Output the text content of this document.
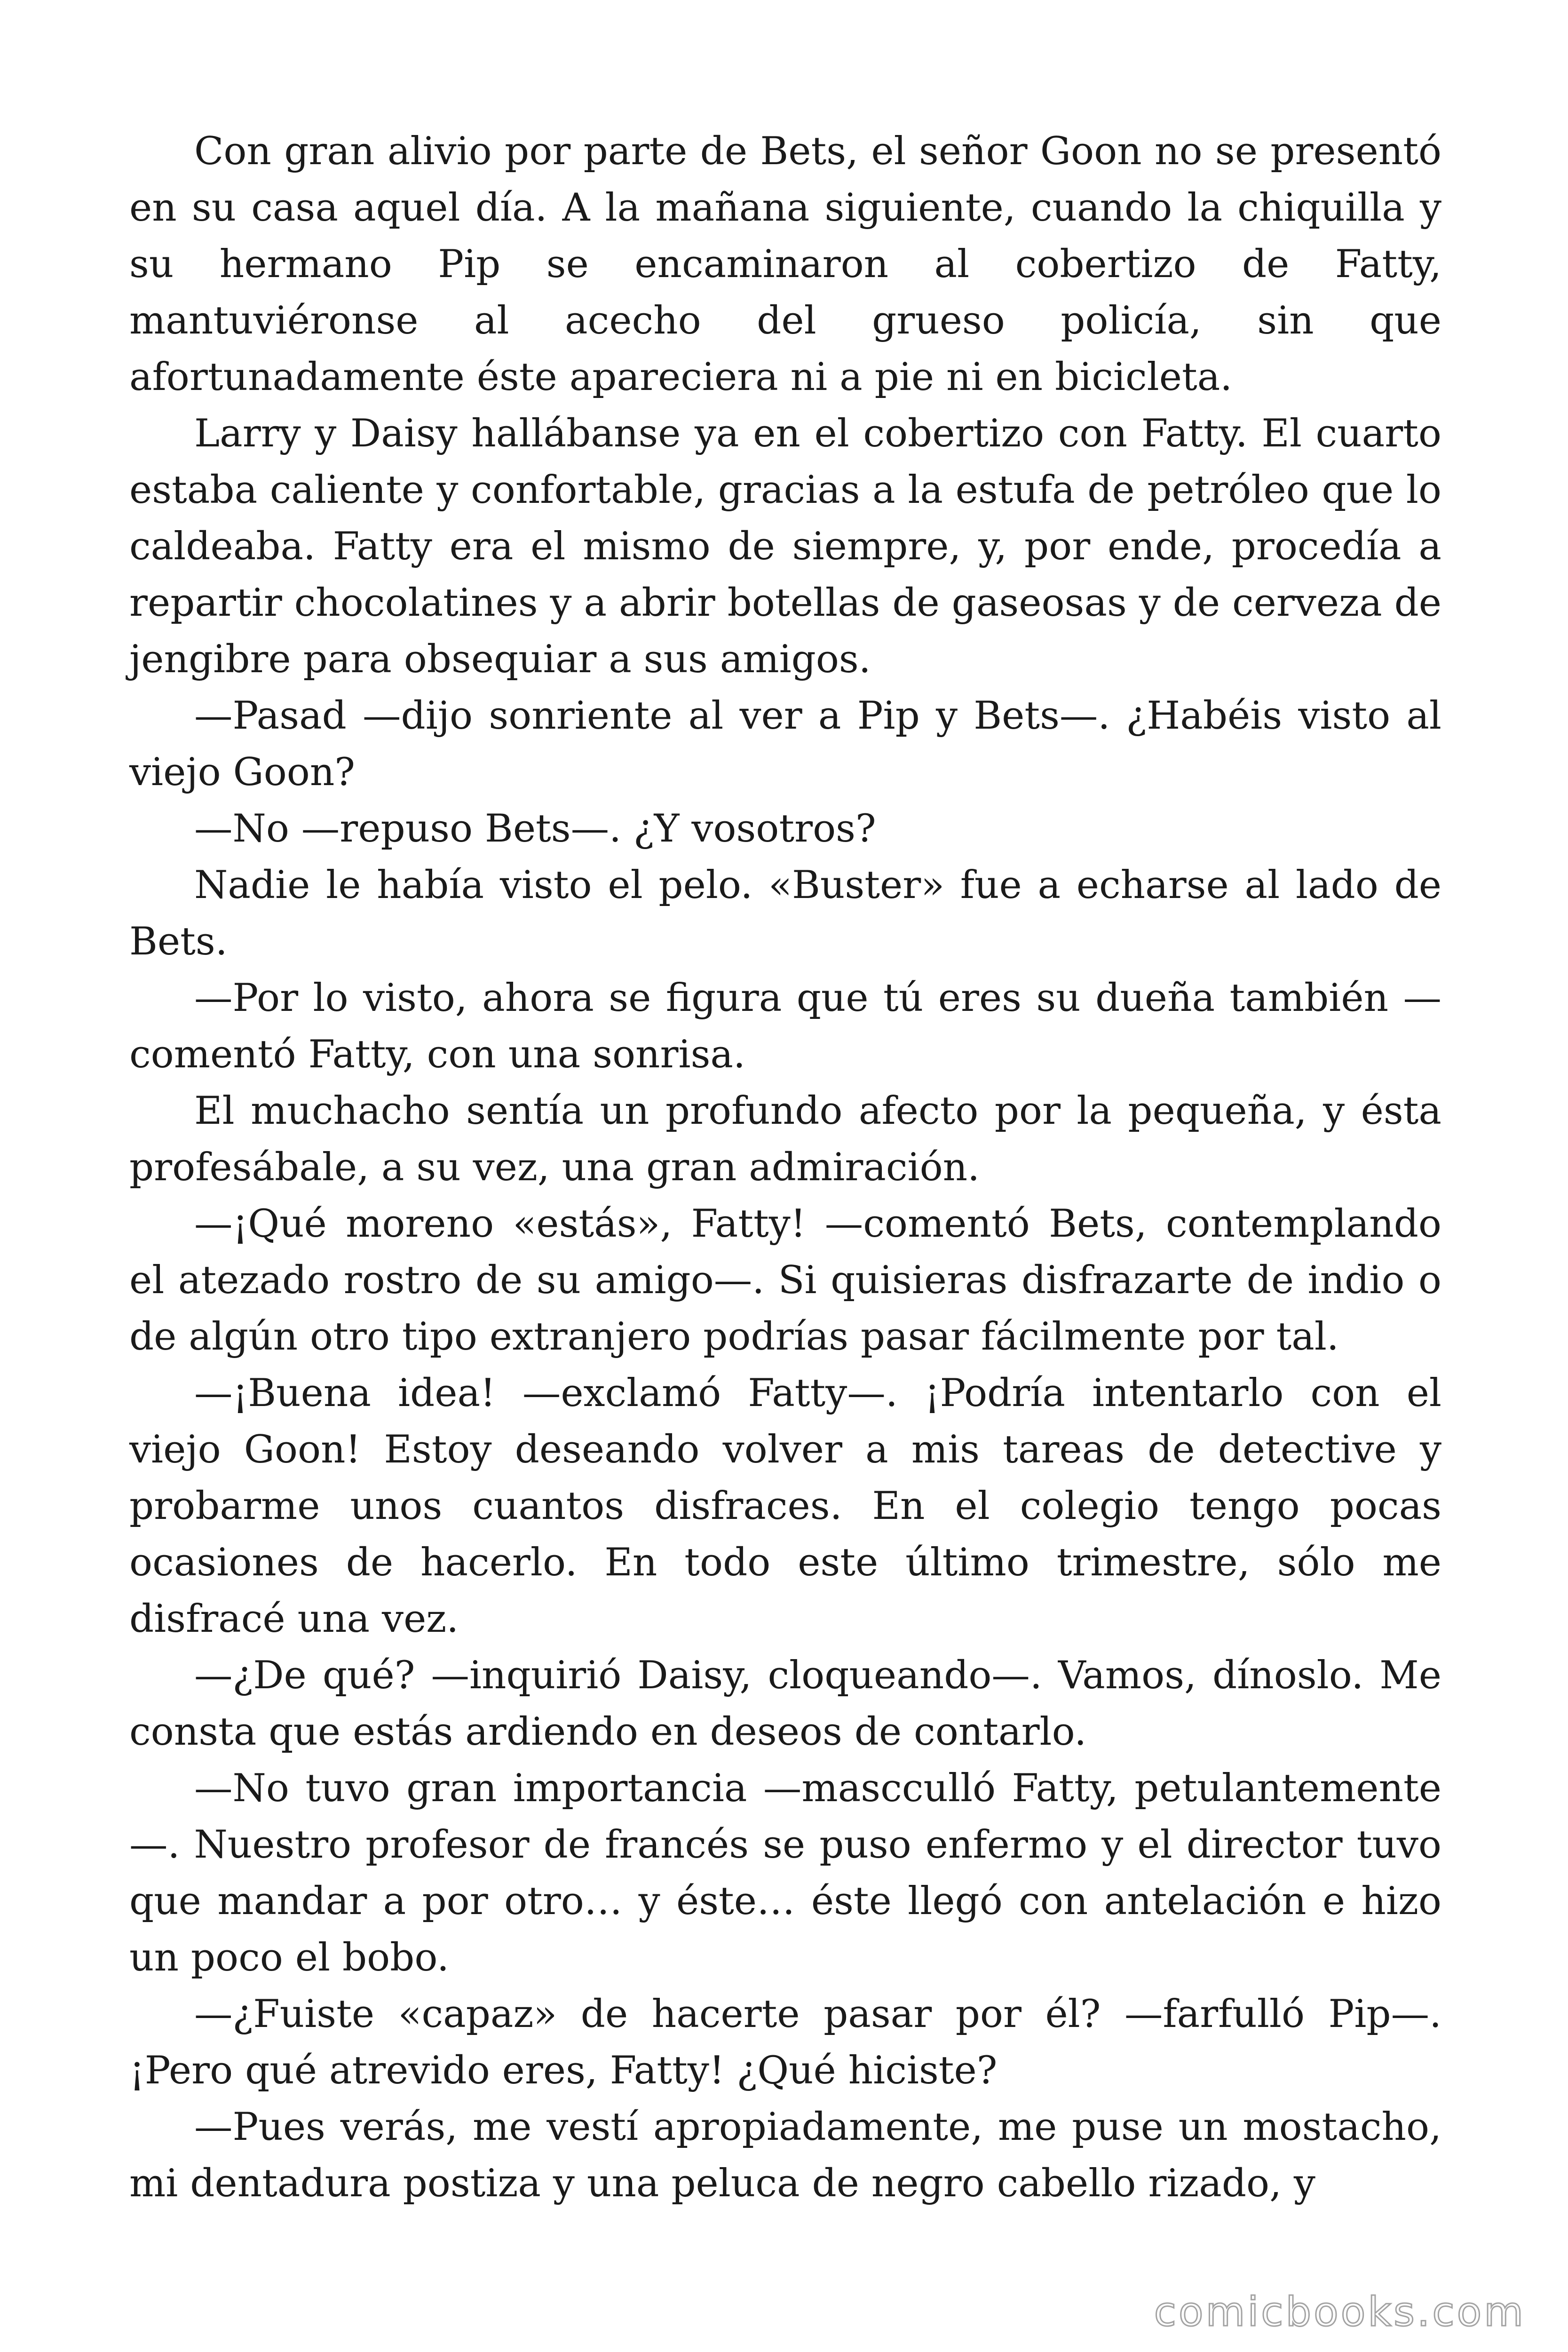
Con gran alivio por parte de Bets, el señor Goon no se presentó en su casa aquel día. A la mañana siguiente, cuando la chiquilla y su hermano Pip se encaminaron al cobertizo de Fatty, mantuviéronse al acecho del grueso policía, sin que afortunadamente éste apareciera ni a pie ni en bicicleta.

Larry y Daisy hallábanse ya en el cobertizo con Fatty. El cuarto estaba caliente y confortable, gracias a la estufa de petróleo que lo caldeaba. Fatty era el mismo de siempre, y, por ende, procedía a repartir chocolatines y a abrir botellas de gaseosas y de cerveza de jengibre para obsequiar a sus amigos.

—Pasad —dijo sonriente al ver a Pip y Bets—. ¿Habéis visto al viejo Goon?

—No —repuso Bets—. ¿Y vosotros?

Nadie le había visto el pelo. «Buster» fue a echarse al lado de Bets.

—Por lo visto, ahora se figura que tú eres su dueña también —comentó Fatty, con una sonrisa.

El muchacho sentía un profundo afecto por la pequeña, y ésta profesábale, a su vez, una gran admiración.

—¡Qué moreno «estás», Fatty! —comentó Bets, contemplando el atezado rostro de su amigo—. Si quisieras disfrazarte de indio o de algún otro tipo extranjero podrías pasar fácilmente por tal.

—¡Buena idea! —exclamó Fatty—. ¡Podría intentarlo con el viejo Goon! Estoy deseando volver a mis tareas de detective y probarme unos cuantos disfraces. En el colegio tengo pocas ocasiones de hacerlo. En todo este último trimestre, sólo me disfracé una vez.

—¿De qué? —inquirió Daisy, cloqueando—. Vamos, dínoslo. Me consta que estás ardiendo en deseos de contarlo.

—No tuvo gran importancia —mascculló Fatty, petulantemente —. Nuestro profesor de francés se puso enfermo y el director tuvo que mandar a por otro… y éste… éste llegó con antelación e hizo un poco el bobo.

—¿Fuiste «capaz» de hacerte pasar por él? —farfulló Pip—. ¡Pero qué atrevido eres, Fatty! ¿Qué hiciste?

—Pues verás, me vestí apropiadamente, me puse un mostacho, mi dentadura postiza y una peluca de negro cabello rizado, y

comicbooks.com
